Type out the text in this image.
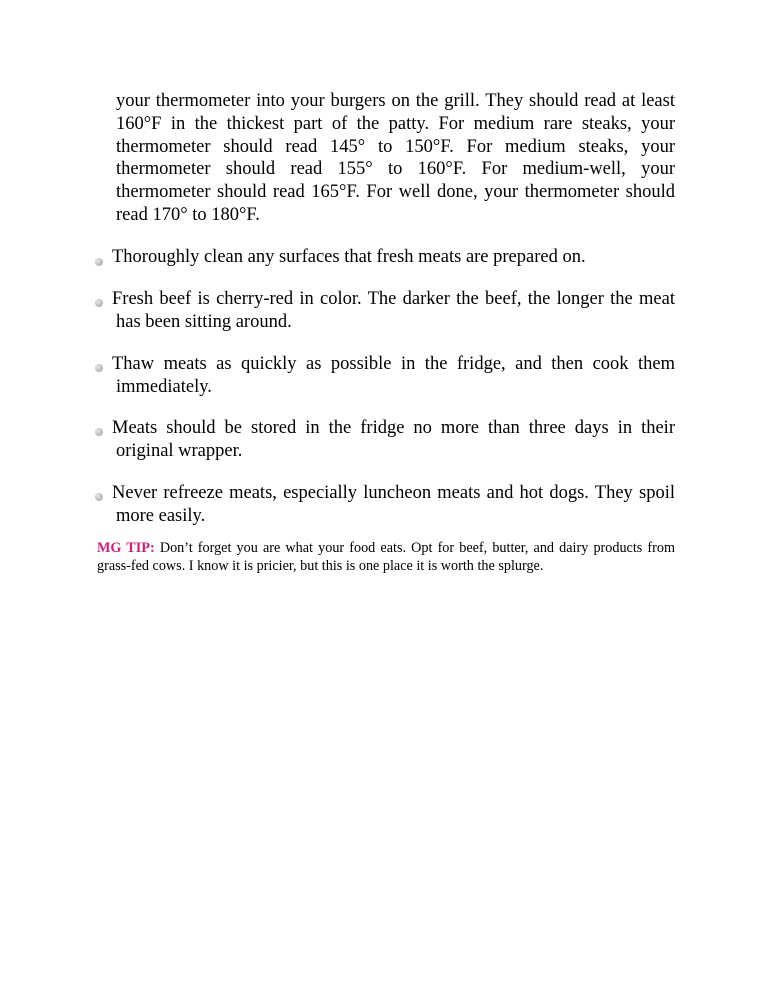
your thermometer into your burgers on the grill. They should read at least 160°F in the thickest part of the patty. For medium rare steaks, your thermometer should read 145° to 150°F. For medium steaks, your thermometer should read 155° to 160°F. For medium-well, your thermometer should read 165°F. For well done, your thermometer should read 170° to 180°F.

Thoroughly clean any surfaces that fresh meats are prepared on.
Fresh beef is cherry-red in color. The darker the beef, the longer the meat has been sitting around.
Thaw meats as quickly as possible in the fridge, and then cook them immediately.
Meats should be stored in the fridge no more than three days in their original wrapper.
Never refreeze meats, especially luncheon meats and hot dogs. They spoil more easily.

MG TIP: Don’t forget you are what your food eats. Opt for beef, butter, and dairy products from grass-fed cows. I know it is pricier, but this is one place it is worth the splurge.
